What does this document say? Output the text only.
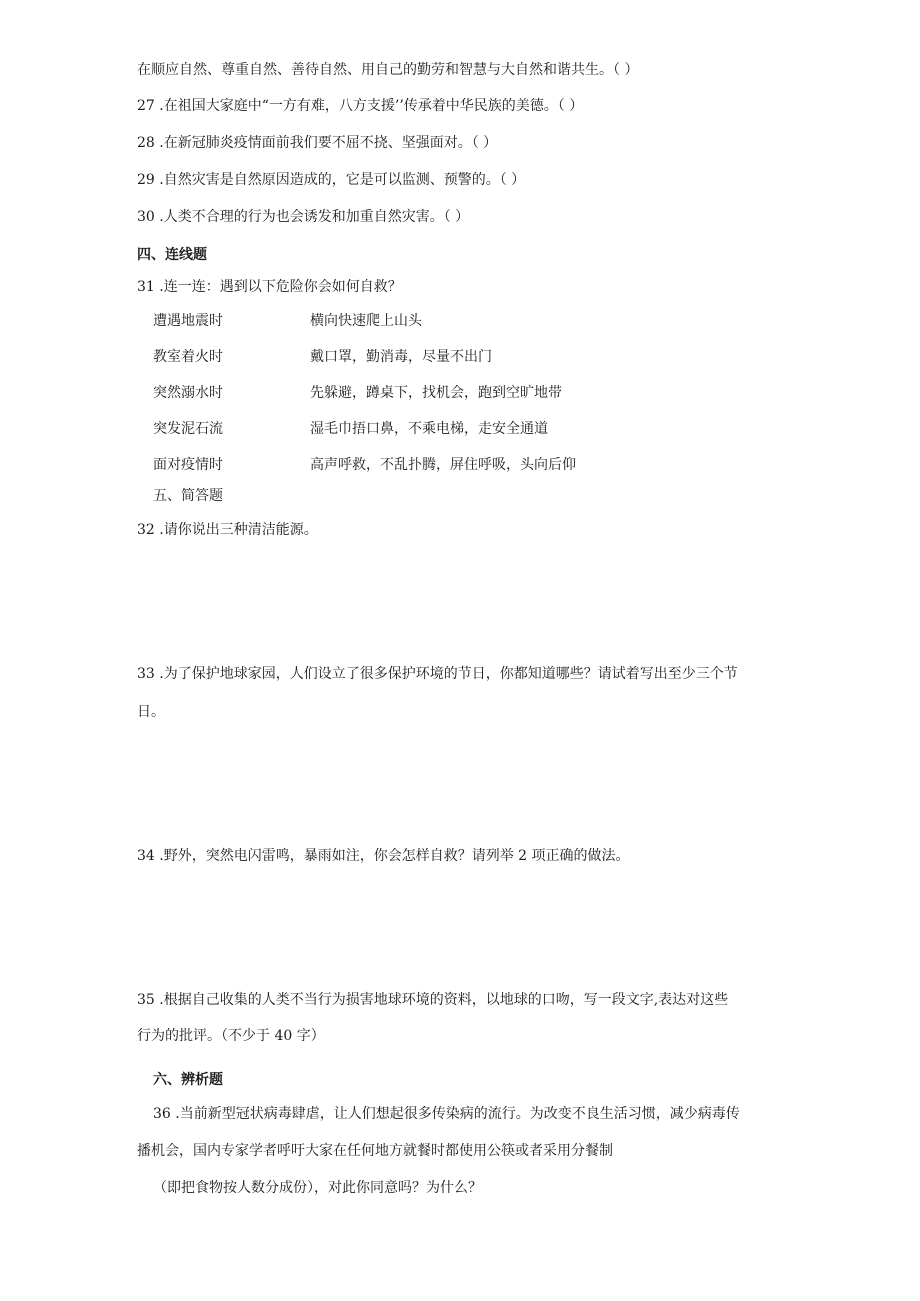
在顺应自然、尊重自然、善待自然、用自己的勤劳和智慧与大自然和谐共生。（ ）
27 .在祖国大家庭中“一方有难，八方支援’’传承着中华民族的美德。（ ）
28 .在新冠肺炎疫情面前我们要不屈不挠、坚强面对。（ ）
29 .自然灾害是自然原因造成的，它是可以监测、预警的。（ ）
30 .人类不合理的行为也会诱发和加重自然灾害。（ ）
四、连线题
31 .连一连：遇到以下危险你会如何自救？
遭遇地震时
教室着火时
突然溺水时
突发泥石流
面对疫情时
横向快速爬上山头
戴口罩，勤消毒，尽量不出门
先躲避，蹲桌下，找机会，跑到空旷地带
湿毛巾捂口鼻，不乘电梯，走安全通道
高声呼救，不乱扑腾，屏住呼吸，头向后仰
五、简答题
32 .请你说出三种清洁能源。
33 .为了保护地球家园，人们设立了很多保护环境的节日，你都知道哪些？请试着写出至少三个节
日。
34 .野外，突然电闪雷鸣，暴雨如注，你会怎样自救？请列举 2 项正确的做法。
35 .根据自己收集的人类不当行为损害地球环境的资料，以地球的口吻，写一段文字,表达对这些
行为的批评。（不少于 40 字）
六、辨析题
36 .当前新型冠状病毒肆虐，让人们想起很多传染病的流行。为改变不良生活习惯，减少病毒传
播机会，国内专家学者呼吁大家在任何地方就餐时都使用公筷或者采用分餐制
（即把食物按人数分成份），对此你同意吗？为什么？
